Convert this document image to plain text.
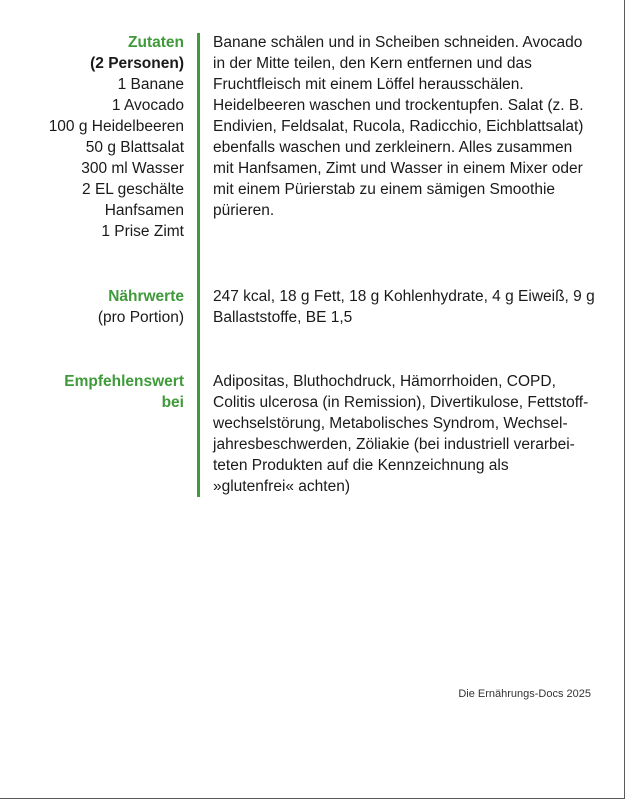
Zutaten
(2 Personen)
1 Banane
1 Avocado
100 g Heidelbeeren
50 g Blattsalat
300 ml Wasser
2 EL geschälte
Hanfsamen
1 Prise Zimt
Banane schälen und in Scheiben schneiden. Avocado
in der Mitte teilen, den Kern entfernen und das
Fruchtfleisch mit einem Löffel herausschälen.
Heidelbeeren waschen und trockentupfen. Salat (z. B.
Endivien, Feldsalat, Rucola, Radicchio, Eichblattsalat)
ebenfalls waschen und zerkleinern. Alles zusammen
mit Hanfsamen, Zimt und Wasser in einem Mixer oder
mit einem Pürierstab zu einem sämigen Smoothie
pürieren.
Nährwerte
(pro Portion)
247 kcal, 18 g Fett, 18 g Kohlenhydrate, 4 g Eiweiß, 9 g
Ballaststoffe, BE 1,5
Empfehlenswert
bei
Adipositas, Bluthochdruck, Hämorrhoiden, COPD,
Colitis ulcerosa (in Remission), Divertikulose, Fettstoff-
wechselstörung, Metabolisches Syndrom, Wechsel-
jahresbeschwerden, Zöliakie (bei industriell verarbei-
teten Produkten auf die Kennzeichnung als
»glutenfrei« achten)
Die Ernährungs-Docs 2025
